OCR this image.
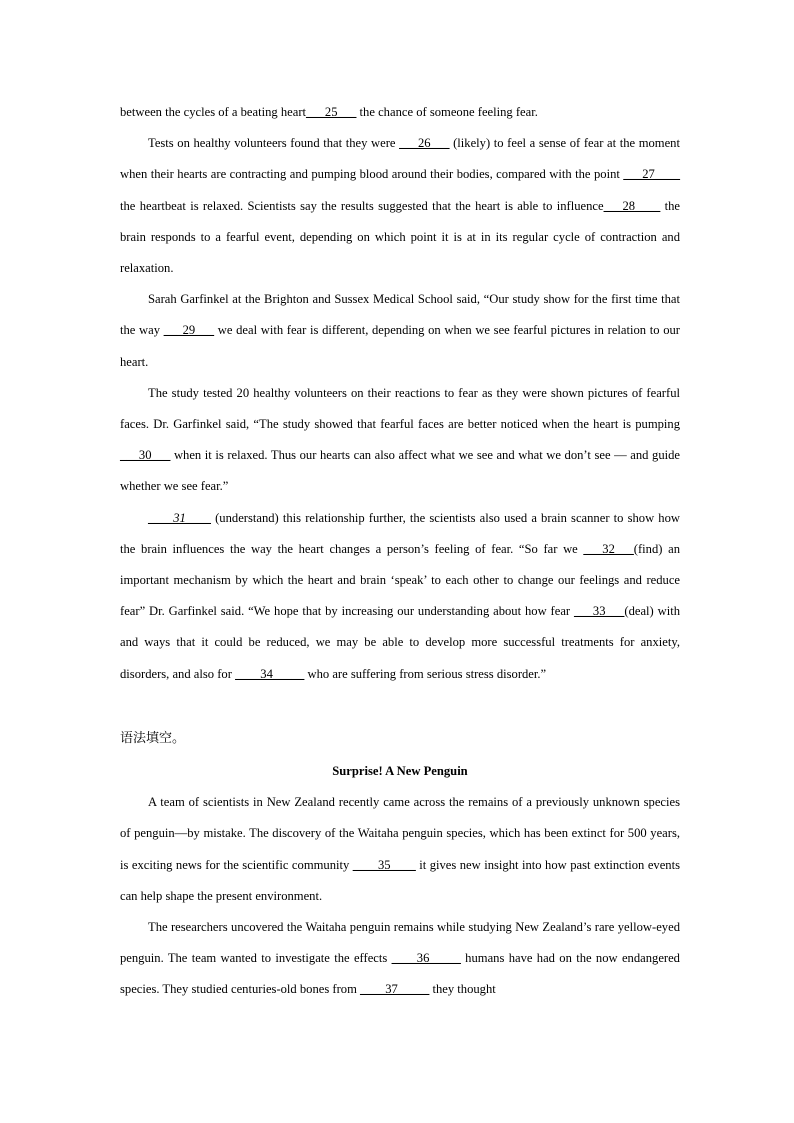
between the cycles of a beating heart___25___ the chance of someone feeling fear.

Tests on healthy volunteers found that they were ___26___ (likely) to feel a sense of fear at the moment when their hearts are contracting and pumping blood around their bodies, compared with the point ___27____ the heartbeat is relaxed. Scientists say the results suggested that the heart is able to influence___28____ the brain responds to a fearful event, depending on which point it is at in its regular cycle of contraction and relaxation.

Sarah Garfinkel at the Brighton and Sussex Medical School said, “Our study show for the first time that the way ___29___ we deal with fear is different, depending on when we see fearful pictures in relation to our heart.

The study tested 20 healthy volunteers on their reactions to fear as they were shown pictures of fearful faces. Dr. Garfinkel said, “The study showed that fearful faces are better noticed when the heart is pumping ___30___ when it is relaxed. Thus our hearts can also affect what we see and what we don’t see — and guide whether we see fear.”

____31____ (understand) this relationship further, the scientists also used a brain scanner to show how the brain influences the way the heart changes a person’s feeling of fear. “So far we ___32___(find) an important mechanism by which the heart and brain ‘speak’ to each other to change our feelings and reduce fear” Dr. Garfinkel said. “We hope that by increasing our understanding about how fear ___33___(deal) with and ways that it could be reduced, we may be able to develop more successful treatments for anxiety, disorders, and also for ____34_____ who are suffering from serious stress disorder.”

语法填空。

Surprise! A New Penguin

A team of scientists in New Zealand recently came across the remains of a previously unknown species of penguin—by mistake. The discovery of the Waitaha penguin species, which has been extinct for 500 years, is exciting news for the scientific community ____35____ it gives new insight into how past extinction events can help shape the present environment.

The researchers uncovered the Waitaha penguin remains while studying New Zealand’s rare yellow-eyed penguin. The team wanted to investigate the effects ____36_____ humans have had on the now endangered species. They studied centuries-old bones from ____37_____ they thought
